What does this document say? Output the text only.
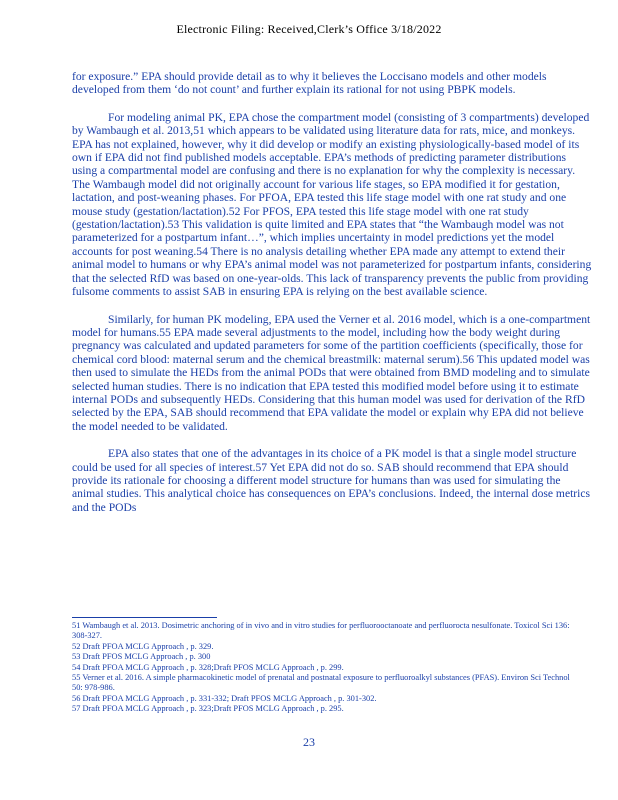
Electronic Filing: Received,Clerk’s Office 3/18/2022

for exposure.” EPA should provide detail as to why it believes the Loccisano models and other models developed from them ‘do not count’ and further explain its rational for not using PBPK models.

For modeling animal PK, EPA chose the compartment model (consisting of 3 compartments) developed by Wambaugh et al. 2013,51 which appears to be validated using literature data for rats, mice, and monkeys. EPA has not explained, however, why it did develop or modify an existing physiologically-based model of its own if EPA did not find published models acceptable. EPA’s methods of predicting parameter distributions using a compartmental model are confusing and there is no explanation for why the complexity is necessary. The Wambaugh model did not originally account for various life stages, so EPA modified it for gestation, lactation, and post-weaning phases. For PFOA, EPA tested this life stage model with one rat study and one mouse study (gestation/lactation).52 For PFOS, EPA tested this life stage model with one rat study (gestation/lactation).53 This validation is quite limited and EPA states that “the Wambaugh model was not parameterized for a postpartum infant…”, which implies uncertainty in model predictions yet the model accounts for post weaning.54 There is no analysis detailing whether EPA made any attempt to extend their animal model to humans or why EPA’s animal model was not parameterized for postpartum infants, considering that the selected RfD was based on one-year-olds. This lack of transparency prevents the public from providing fulsome comments to assist SAB in ensuring EPA is relying on the best available science.

Similarly, for human PK modeling, EPA used the Verner et al. 2016 model, which is a one-compartment model for humans.55 EPA made several adjustments to the model, including how the body weight during pregnancy was calculated and updated parameters for some of the partition coefficients (specifically, those for chemical cord blood: maternal serum and the chemical breastmilk: maternal serum).56 This updated model was then used to simulate the HEDs from the animal PODs that were obtained from BMD modeling and to simulate selected human studies. There is no indication that EPA tested this modified model before using it to estimate internal PODs and subsequently HEDs. Considering that this human model was used for derivation of the RfD selected by the EPA, SAB should recommend that EPA validate the model or explain why EPA did not believe the model needed to be validated.

EPA also states that one of the advantages in its choice of a PK model is that a single model structure could be used for all species of interest.57 Yet EPA did not do so. SAB should recommend that EPA should provide its rationale for choosing a different model structure for humans than was used for simulating the animal studies. This analytical choice has consequences on EPA’s conclusions. Indeed, the internal dose metrics and the PODs

51 Wambaugh et al. 2013. Dosimetric anchoring of in vivo and in vitro studies for perfluorooctanoate and perfluorocta nesulfonate. Toxicol Sci 136: 308-327.
52 Draft PFOA MCLG Approach , p. 329.
53 Draft PFOS MCLG Approach , p. 300
54 Draft PFOA MCLG Approach , p. 328;Draft PFOS MCLG Approach , p. 299.
55 Verner et al. 2016. A simple pharmacokinetic model of prenatal and postnatal exposure to perfluoroalkyl substances (PFAS). Environ Sci Technol 50: 978-986.
56 Draft PFOA MCLG Approach , p. 331-332; Draft PFOS MCLG Approach , p. 301-302.
57 Draft PFOA MCLG Approach , p. 323;Draft PFOS MCLG Approach , p. 295.
23
